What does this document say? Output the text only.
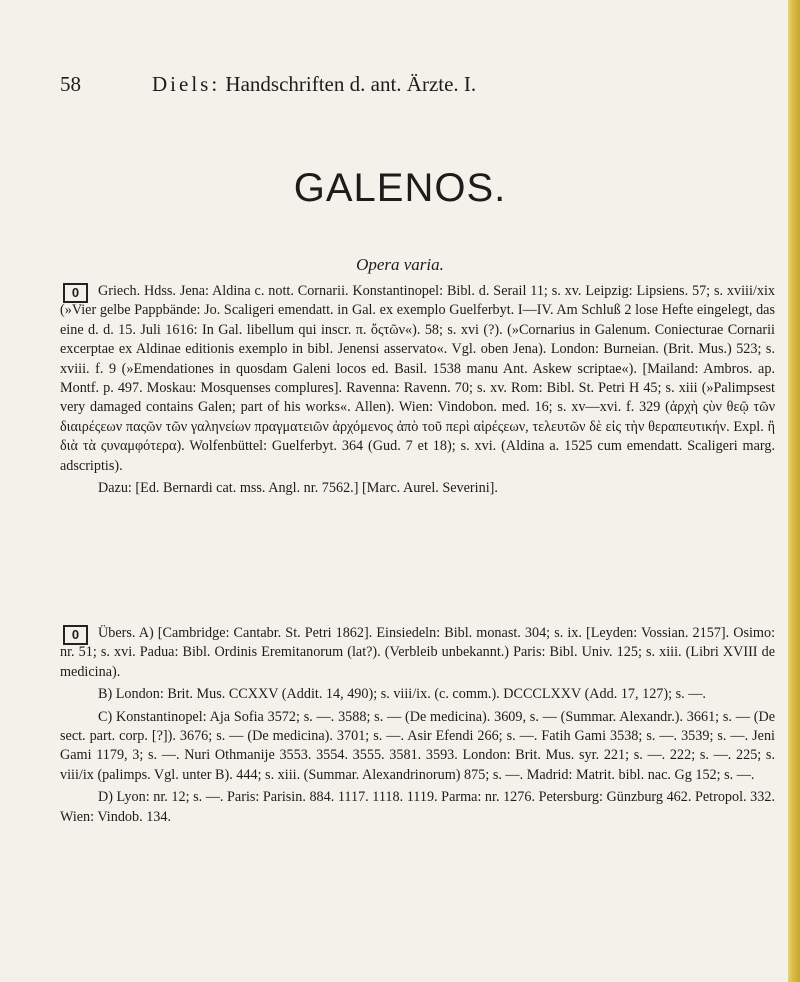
58	Diels: Handschriften d. ant. Ärzte. I.
GALENOS.
Opera varia.
0	Griech. Hdss. Jena: Aldina c. nott. Cornarii. Konstantinopel: Bibl. d. Serail 11; s. xv. Leipzig: Lipsiens. 57; s. xviii/xix (»Vier gelbe Pappbände: Jo. Scaligeri emendatt. in Gal. ex exemplo Guelferbyt. I—IV. Am Schluß 2 lose Hefte eingelegt, das eine d. d. 15. Juli 1616: In Gal. libellum qui inscr. π. ὄςτῶν«). 58; s. xvi (?). (»Cornarius in Galenum. Coniecturae Cornarii excerptae ex Aldinae editionis exemplo in bibl. Jenensi asservato«. Vgl. oben Jena). London: Burneian. (Brit. Mus.) 523; s. xviii. f. 9 (»Emendationes in quosdam Galeni locos ed. Basil. 1538 manu Ant. Askew scriptae«). [Mailand: Ambros. ap. Montf. p. 497. Moskau: Mosquenses complures]. Ravenna: Ravenn. 70; s. xv. Rom: Bibl. St. Petri H 45; s. xiii (»Palimpsest very damaged contains Galen; part of his works«. Allen). Wien: Vindobon. med. 16; s. xv—xvi. f. 329 (ἀρχὴ ςὺν θεῷ τῶν διαιρέςεων παςῶν τῶν γαληνείων πραγματειῶν ἀρχόμενος ἀπὸ τοῦ περὶ αἱρέςεων, τελευτῶν δὲ εἰς τὴν θεραπευτικήν. Expl. ἢ διὰ τὰ ςυναμφότερα). Wolfenbüttel: Guelferbyt. 364 (Gud. 7 et 18); s. xvi. (Aldina a. 1525 cum emendatt. Scaligeri marg. adscriptis).

Dazu: [Ed. Bernardi cat. mss. Angl. nr. 7562.] [Marc. Aurel. Severini].

0	Übers. A) [Cambridge: Cantabr. St. Petri 1862]. Einsiedeln: Bibl. monast. 304; s. ix. [Leyden: Vossian. 2157]. Osimo: nr. 51; s. xvi. Padua: Bibl. Ordinis Eremitanorum (lat?). (Verbleib unbekannt.) Paris: Bibl. Univ. 125; s. xiii. (Libri XVIII de medicina).

B) London: Brit. Mus. CCXXV (Addit. 14, 490); s. viii/ix. (c. comm.). DCCCLXXV (Add. 17, 127); s. —.

C) Konstantinopel: Aja Sofia 3572; s. —. 3588; s. — (De medicina). 3609, s. — (Summar. Alexandr.). 3661; s. — (De sect. part. corp. [?]). 3676; s. — (De medicina). 3701; s. —. Asir Efendi 266; s. —. Fatih Gami 3538; s. —. 3539; s. —. Jeni Gami 1179, 3; s. —. Nuri Othmanije 3553. 3554. 3555. 3581. 3593. London: Brit. Mus. syr. 221; s. —. 222; s. —. 225; s. viii/ix (palimps. Vgl. unter B). 444; s. xiii. (Summar. Alexandrinorum) 875; s. —. Madrid: Matrit. bibl. nac. Gg 152; s. —.

D) Lyon: nr. 12; s. —. Paris: Parisin. 884. 1117. 1118. 1119. Parma: nr. 1276. Petersburg: Günzburg 462. Petropol. 332. Wien: Vindob. 134.
